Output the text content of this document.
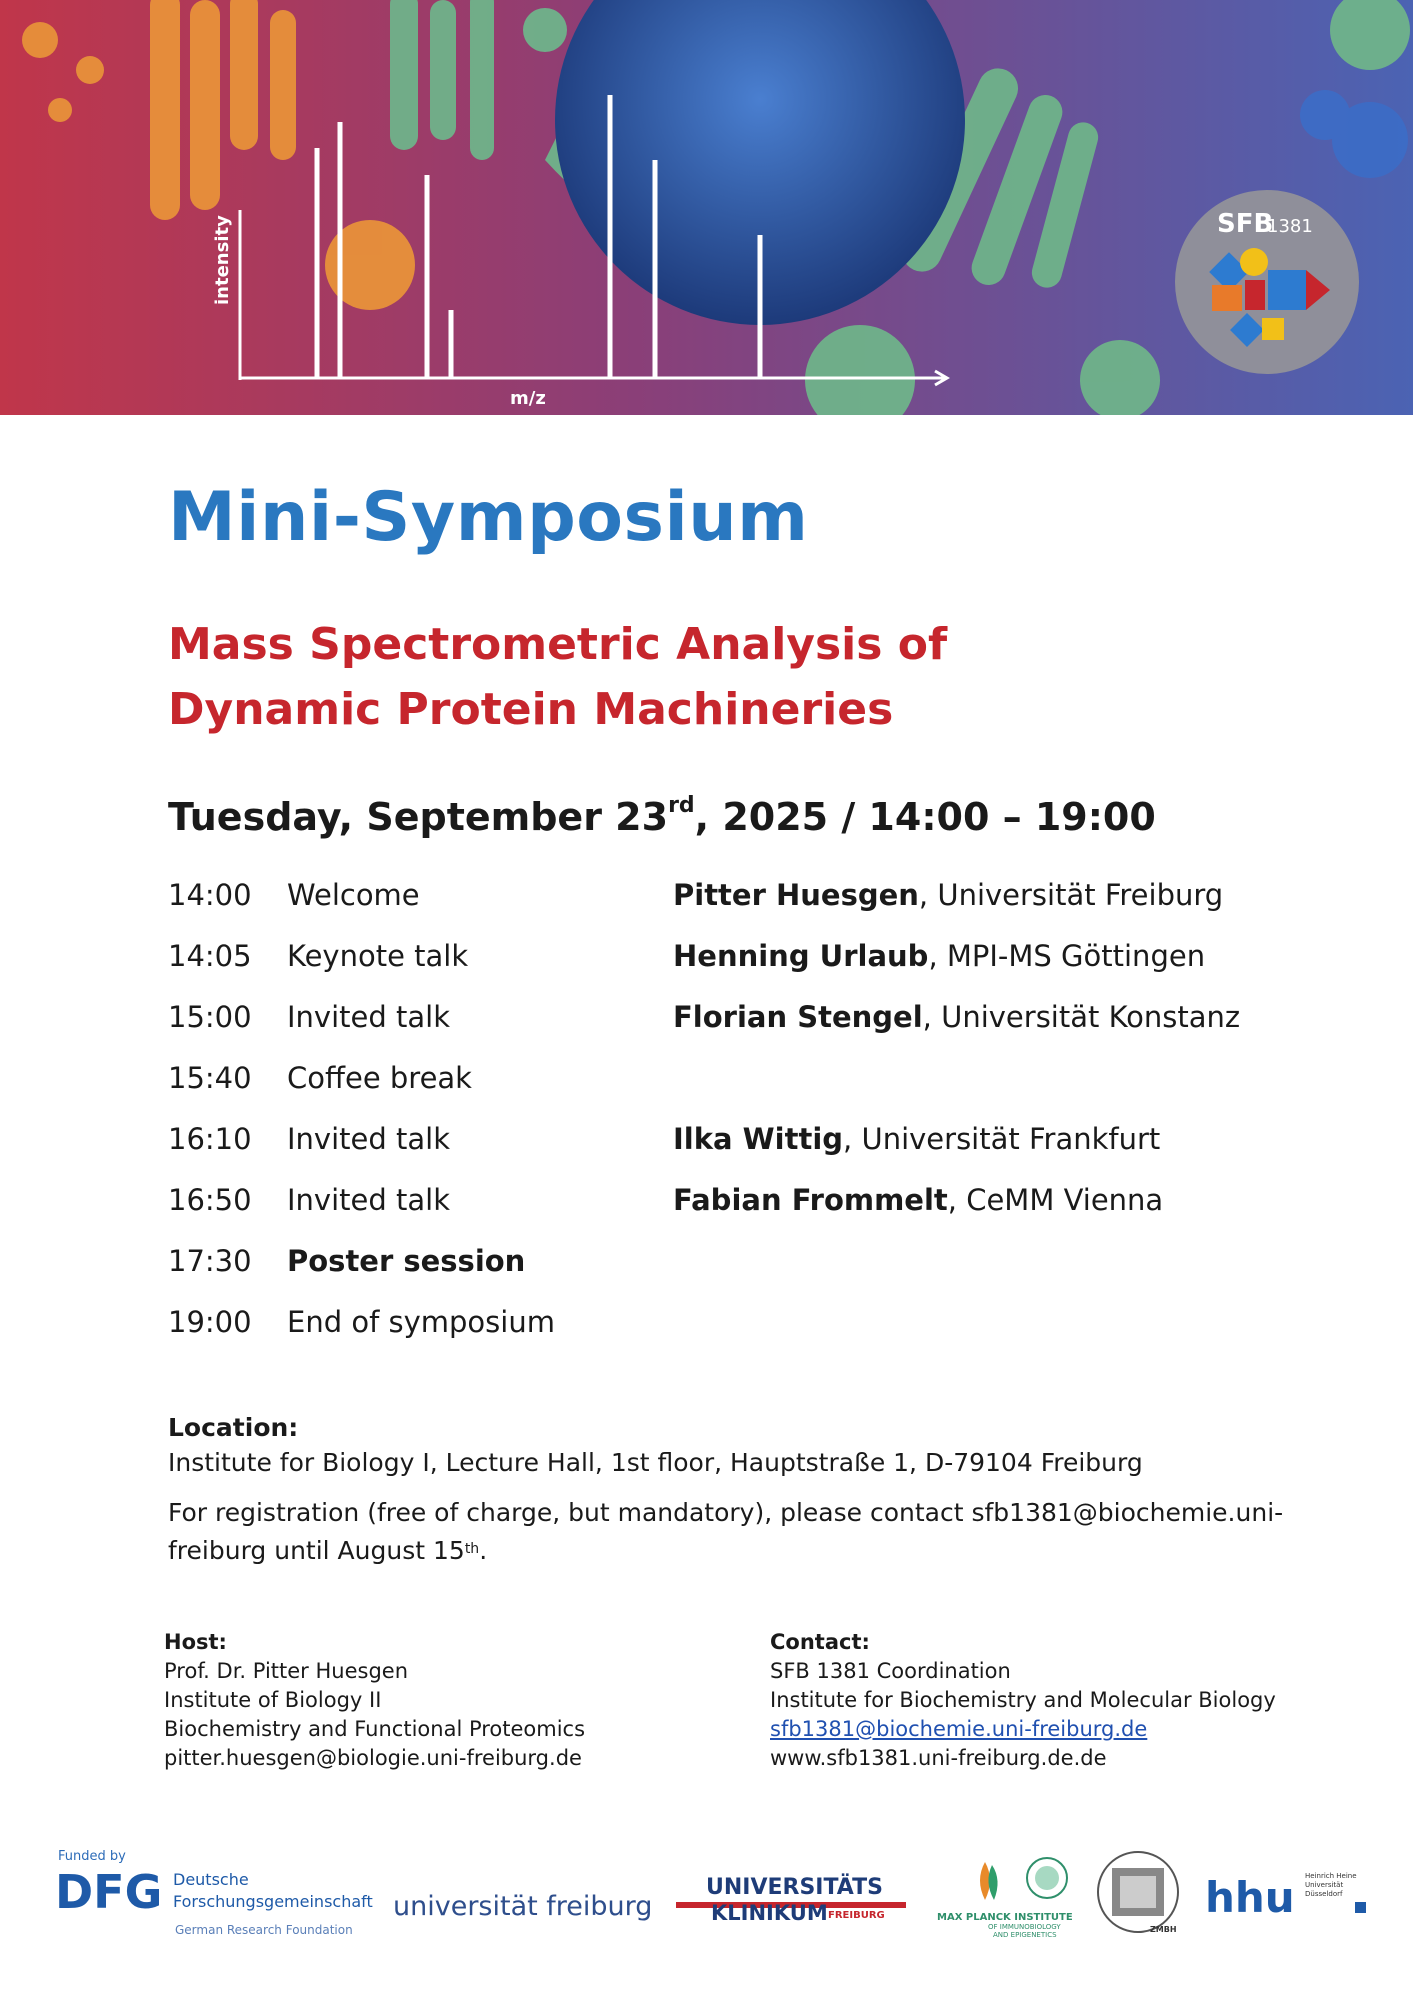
intensity
m/z
SFB
1381
Mini-Symposium
Mass Spectrometric Analysis of
Dynamic Protein Machineries
Tuesday, September 23rd, 2025 / 14:00 – 19:00
14:00 Welcome	Pitter Huesgen, Universität Freiburg
14:05 Keynote talk	Henning Urlaub, MPI-MS Göttingen
15:00 Invited talk	Florian Stengel, Universität Konstanz
15:40 Coffee break
16:10 Invited talk	Ilka Wittig, Universität Frankfurt
16:50 Invited talk	Fabian Frommelt, CeMM Vienna
17:30 Poster session
19:00 End of symposium

Location:

Institute for Biology I, Lecture Hall, 1st floor, Hauptstraße 1, D-79104 Freiburg

For registration (free of charge, but mandatory), please contact sfb1381@biochemie.uni-
freiburg until August 15th.

Host:
Prof. Dr. Pitter Huesgen
Institute of Biology II
Biochemistry and Functional Proteomics
pitter.huesgen@biologie.uni-freiburg.de
Contact:
SFB 1381 Coordination
Institute for Biochemistry and Molecular Biology
sfb1381@biochemie.uni-freiburg.de
www.sfb1381.uni-freiburg.de.de
Funded by
DFG Deutsche
Forschungsgemeinschaft
German Research Foundation
universität freiburg
UNIVERSITÄTS
KLINIKUM FREIBURG	MAX PLANCK INSTITUTE
OF IMMUNOBIOLOGY
AND EPIGENETICS
ZMBH
hhu Heinrich Heine
Universität
Düsseldorf
